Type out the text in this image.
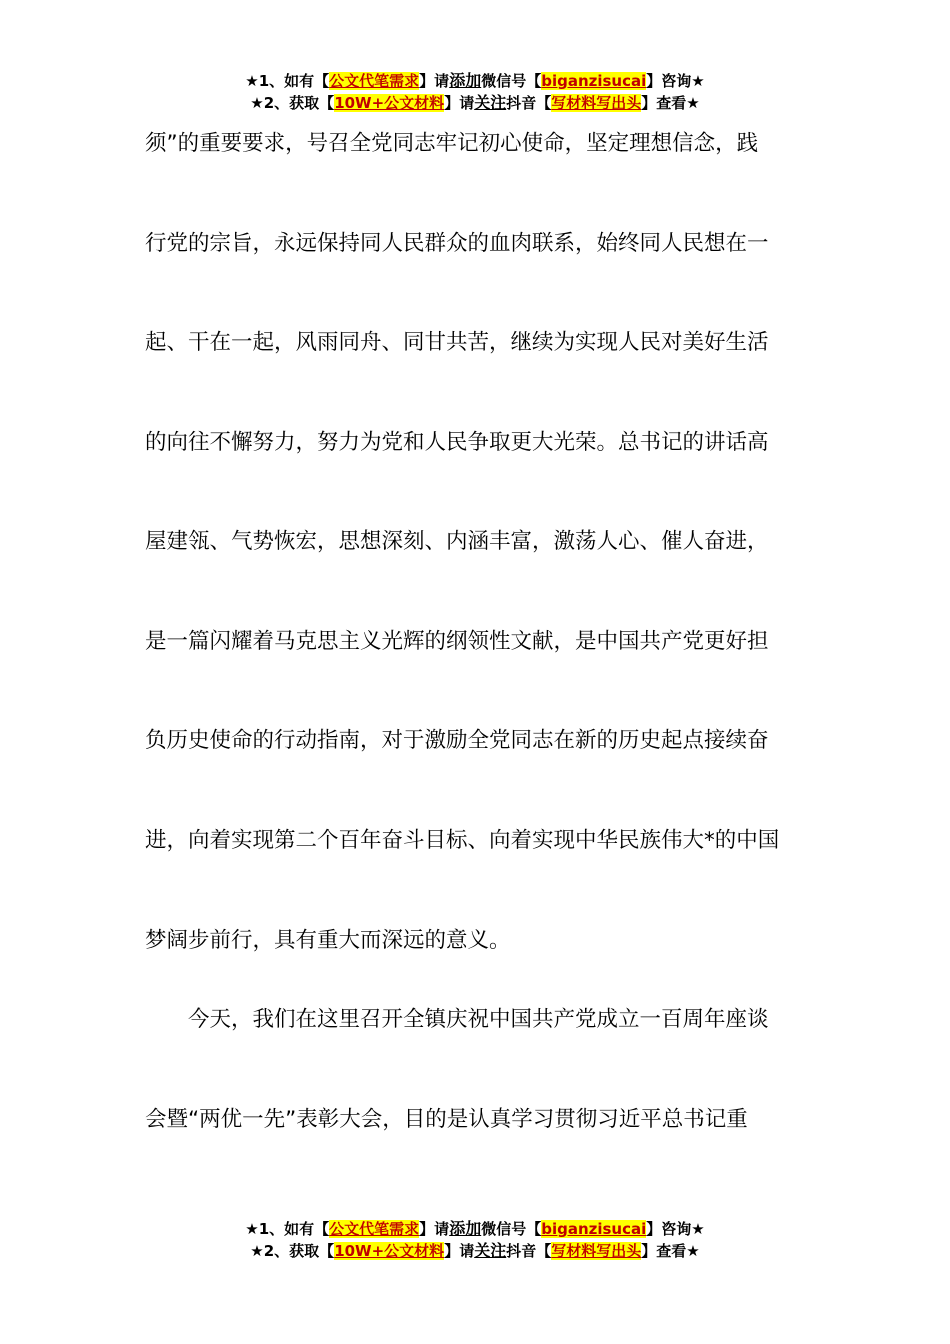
★1、如有【公文代笔需求】请添加微信号【biganzisucai】咨询★
★2、获取【10W+公文材料】请关注抖音【写材料写出头】查看★
须”的重要要求，号召全党同志牢记初心使命，坚定理想信念，践
行党的宗旨，永远保持同人民群众的血肉联系，始终同人民想在一
起、干在一起，风雨同舟、同甘共苦，继续为实现人民对美好生活
的向往不懈努力，努力为党和人民争取更大光荣。总书记的讲话高
屋建瓴、气势恢宏，思想深刻、内涵丰富，激荡人心、催人奋进，
是一篇闪耀着马克思主义光辉的纲领性文献，是中国共产党更好担
负历史使命的行动指南，对于激励全党同志在新的历史起点接续奋
进，向着实现第二个百年奋斗目标、向着实现中华民族伟大*的中国
梦阔步前行，具有重大而深远的意义。
　　今天，我们在这里召开全镇庆祝中国共产党成立一百周年座谈
会暨“两优一先”表彰大会，目的是认真学习贯彻习近平总书记重
★1、如有【公文代笔需求】请添加微信号【biganzisucai】咨询★
★2、获取【10W+公文材料】请关注抖音【写材料写出头】查看★
